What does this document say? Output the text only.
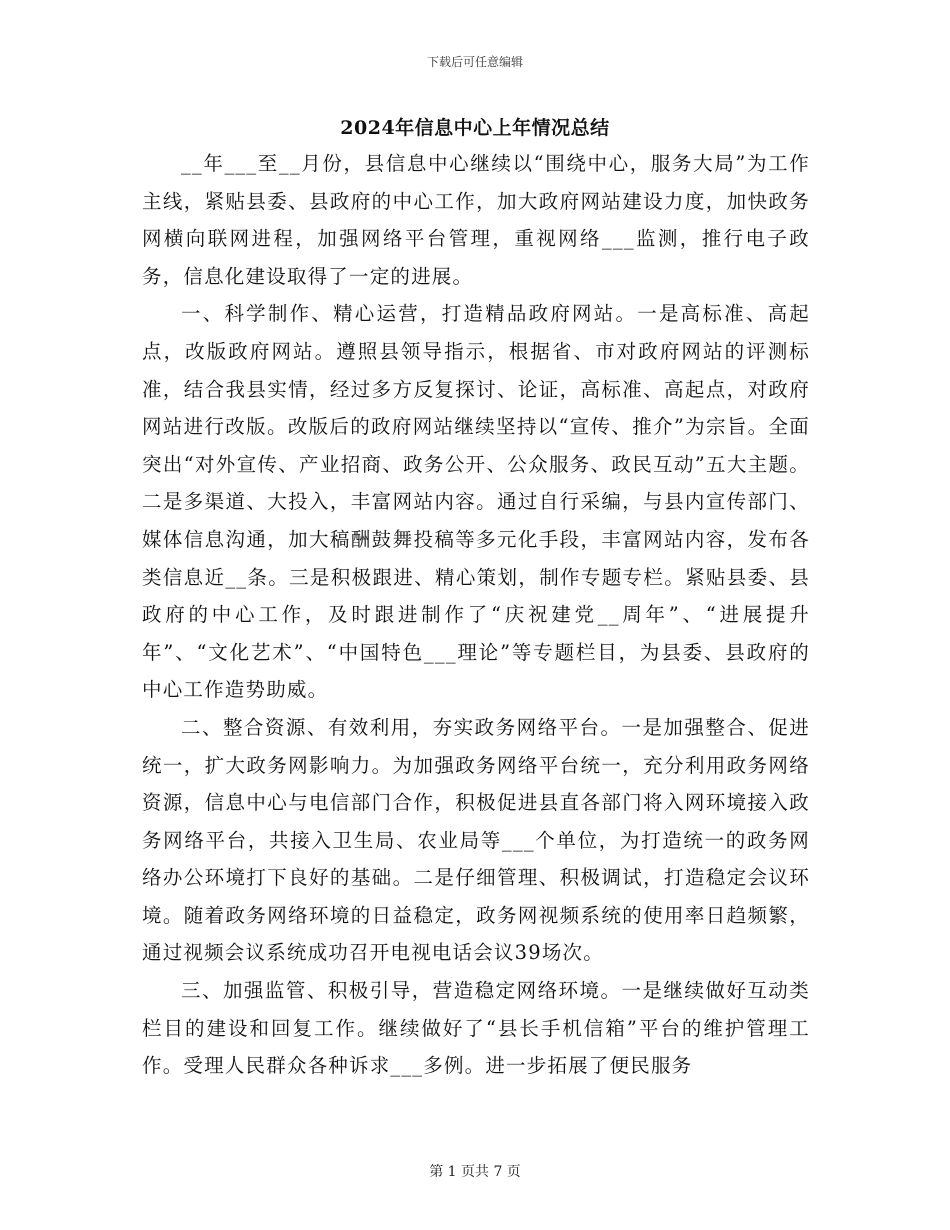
下载后可任意编辑
2024年信息中心上年情况总结

__年___至__月份，县信息中心继续以“围绕中心，服务大局”为工作主线，紧贴县委、县政府的中心工作，加大政府网站建设力度，加快政务网横向联网进程，加强网络平台管理，重视网络___监测，推行电子政务，信息化建设取得了一定的进展。

一、科学制作、精心运营，打造精品政府网站。一是高标准、高起点，改版政府网站。遵照县领导指示，根据省、市对政府网站的评测标准，结合我县实情，经过多方反复探讨、论证，高标准、高起点，对政府网站进行改版。改版后的政府网站继续坚持以“宣传、推介”为宗旨。全面突出“对外宣传、产业招商、政务公开、公众服务、政民互动”五大主题。二是多渠道、大投入，丰富网站内容。通过自行采编，与县内宣传部门、媒体信息沟通，加大稿酬鼓舞投稿等多元化手段，丰富网站内容，发布各类信息近__条。三是积极跟进、精心策划，制作专题专栏。紧贴县委、县政府的中心工作，及时跟进制作了“庆祝建党__周年”、“进展提升年”、“文化艺术”、“中国特色___理论”等专题栏目，为县委、县政府的中心工作造势助威。

二、整合资源、有效利用，夯实政务网络平台。一是加强整合、促进统一，扩大政务网影响力。为加强政务网络平台统一，充分利用政务网络资源，信息中心与电信部门合作，积极促进县直各部门将入网环境接入政务网络平台，共接入卫生局、农业局等___个单位，为打造统一的政务网络办公环境打下良好的基础。二是仔细管理、积极调试，打造稳定会议环境。随着政务网络环境的日益稳定，政务网视频系统的使用率日趋频繁，通过视频会议系统成功召开电视电话会议39场次。

三、加强监管、积极引导，营造稳定网络环境。一是继续做好互动类栏目的建设和回复工作。继续做好了“县长手机信箱”平台的维护管理工作。受理人民群众各种诉求___多例。进一步拓展了便民服务

第 1 页共 7 页
